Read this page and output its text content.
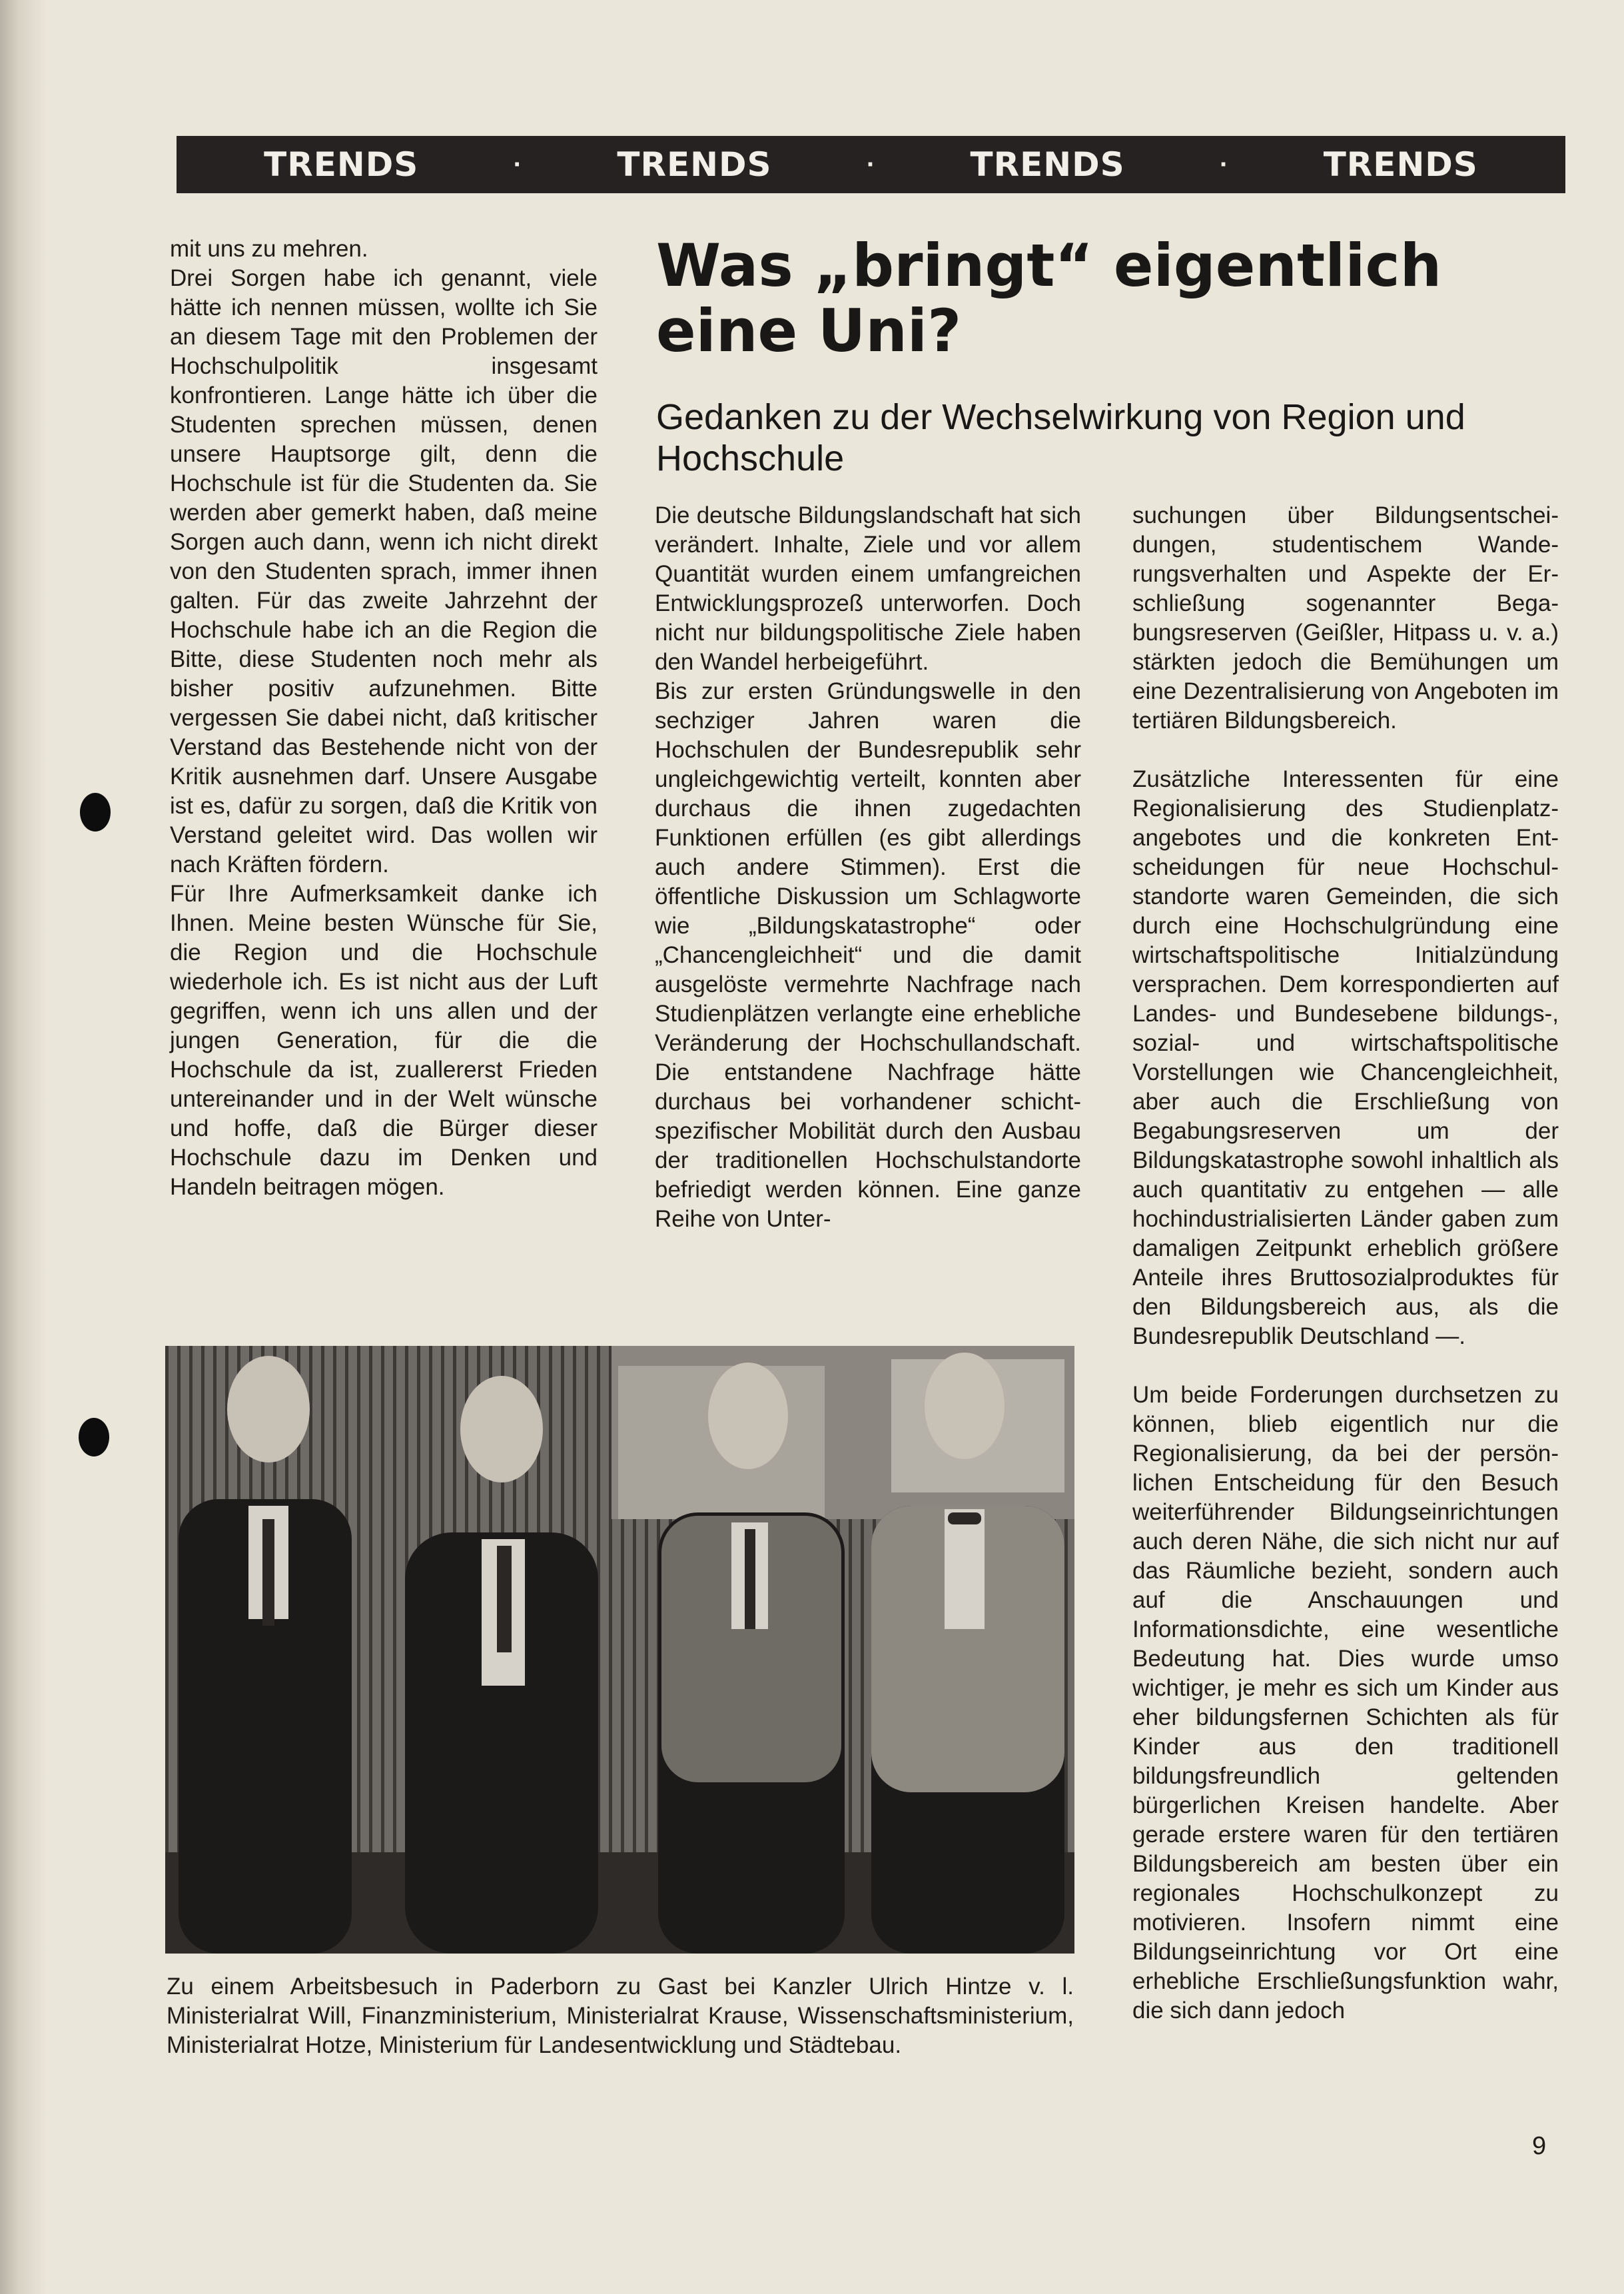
TRENDS	·	TRENDS	·	TRENDS	·	TRENDS

mit uns zu mehren.
Drei Sorgen habe ich genannt, viele hätte ich nennen müssen, wollte ich Sie an diesem Tage mit den Problemen der Hochschulpolitik insgesamt konfrontieren. Lange hätte ich über die Studenten sprechen müssen, denen unsere Hauptsorge gilt, denn die Hochschule ist für die Studenten da. Sie werden aber gemerkt haben, daß meine Sorgen auch dann, wenn ich nicht direkt von den Studenten sprach, immer ihnen galten. Für das zweite Jahrzehnt der Hochschule habe ich an die Region die Bitte, diese Studenten noch mehr als bisher positiv aufzunehmen. Bitte vergessen Sie dabei nicht, daß kritischer Verstand das Bestehende nicht von der Kritik ausnehmen darf. Unsere Ausgabe ist es, dafür zu sorgen, daß die Kritik von Verstand geleitet wird. Das wollen wir nach Kräften fördern.
Für Ihre Aufmerksamkeit danke ich Ihnen. Meine besten Wünsche für Sie, die Region und die Hochschule wiederhole ich. Es ist nicht aus der Luft gegriffen, wenn ich uns allen und der jungen Generation, für die die Hochschule da ist, zuallererst Frieden untereinander und in der Welt wünsche und hoffe, daß die Bürger dieser Hochschule dazu im Denken und Handeln beitragen mögen.

Was „bringt“ eigentlich
eine Uni?
Gedanken zu der Wechselwirkung von Region und
Hochschule

Die deutsche Bildungslandschaft hat sich verändert. Inhalte, Ziele und vor allem Quantität wurden einem umfangreichen Entwicklungsprozeß unterworfen. Doch nicht nur bildungspolitische Ziele haben den Wandel herbeigeführt.
Bis zur ersten Gründungswelle in den sechziger Jahren waren die Hochschulen der Bundesrepublik sehr ungleichgewichtig verteilt, konnten aber durchaus die ihnen zugedachten Funktionen erfüllen (es gibt allerdings auch andere Stimmen). Erst die öffentliche Diskussion um Schlagworte wie „Bildungskatastrophe“ oder „Chancengleichheit“ und die damit ausgelöste vermehrte Nachfrage nach Studienplätzen verlangte eine erhebliche Veränderung der Hochschullandschaft. Die entstandene Nachfrage hätte durchaus bei vorhandener schichtspezifischer Mobilität durch den Ausbau der traditionellen Hochschulstandorte befriedigt werden können. Eine ganze Reihe von Unter-

suchungen über Bildungsentscheidungen, studentischem Wanderungsverhalten und Aspekte der Erschließung sogenannter Begabungsreserven (Geißler, Hitpass u. v. a.) stärkten jedoch die Bemühungen um eine Dezentralisierung von Angeboten im tertiären Bildungsbereich.

Zusätzliche Interessenten für eine Regionalisierung des Studienplatzangebotes und die konkreten Entscheidungen für neue Hochschulstandorte waren Gemeinden, die sich durch eine Hochschulgründung eine wirtschaftspolitische Initialzündung versprachen. Dem korrespondierten auf Landes- und Bundesebene bildungs-, sozial- und wirtschaftspolitische Vorstellungen wie Chancengleichheit, aber auch die Erschließung von Begabungsreserven um der Bildungskatastrophe sowohl inhaltlich als auch quantitativ zu entgehen — alle hochindustrialisierten Länder gaben zum damaligen Zeitpunkt erheblich größere Anteile ihres Bruttosozialproduktes für den Bildungsbereich aus, als die Bundesrepublik Deutschland —.

Um beide Forderungen durchsetzen zu können, blieb eigentlich nur die Regionalisierung, da bei der persönlichen Entscheidung für den Besuch weiterführender Bildungseinrichtungen auch deren Nähe, die sich nicht nur auf das Räumliche bezieht, sondern auch auf die Anschauungen und Informationsdichte, eine wesentliche Bedeutung hat. Dies wurde umso wichtiger, je mehr es sich um Kinder aus eher bildungsfernen Schichten als für Kinder aus den traditionell bildungsfreundlich geltenden bürgerlichen Kreisen handelte. Aber gerade erstere waren für den tertiären Bildungsbereich am besten über ein regionales Hochschulkonzept zu motivieren. Insofern nimmt eine Bildungseinrichtung vor Ort eine erhebliche Erschließungsfunktion wahr, die sich dann jedoch

Zu einem Arbeitsbesuch in Paderborn zu Gast bei Kanzler Ulrich Hintze v. l. Ministerialrat Will, Finanzministerium, Ministerialrat Krause, Wissenschaftsministerium, Ministerialrat Hotze, Ministerium für Landesentwicklung und Städtebau.
9
